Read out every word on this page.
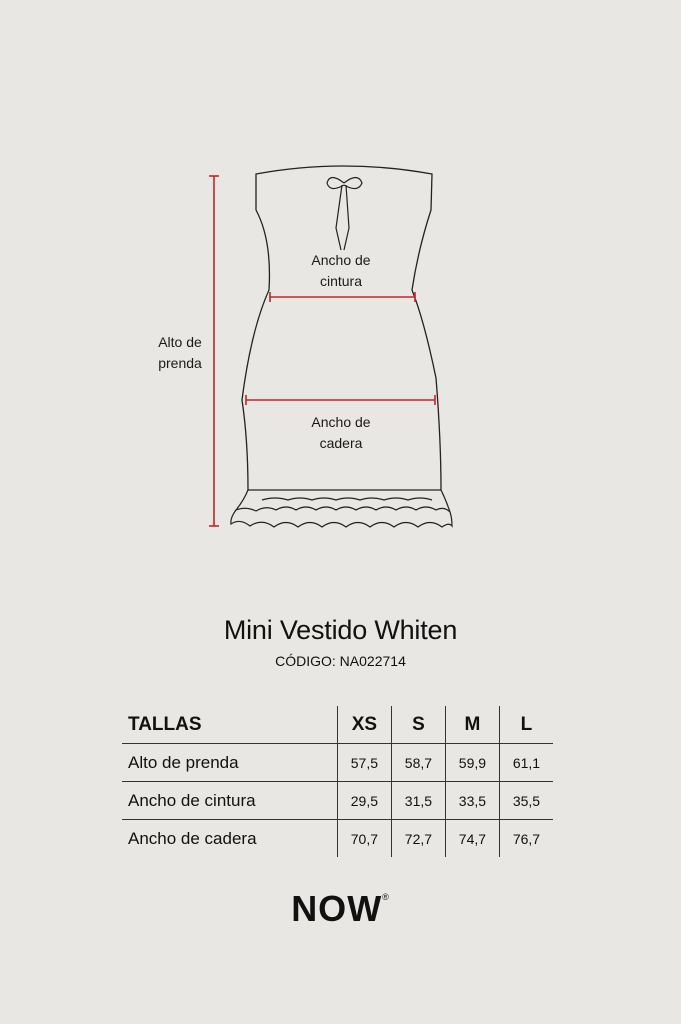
Alto de
prenda
Ancho de
cintura
Ancho de
cadera
Mini Vestido Whiten
CÓDIGO: NA022714
TALLAS	XS	S	M	L
Alto de prenda	57,5	58,7	59,9	61,1
Ancho de cintura	29,5	31,5	33,5	35,5
Ancho de cadera	70,7	72,7	74,7	76,7
NOW®
